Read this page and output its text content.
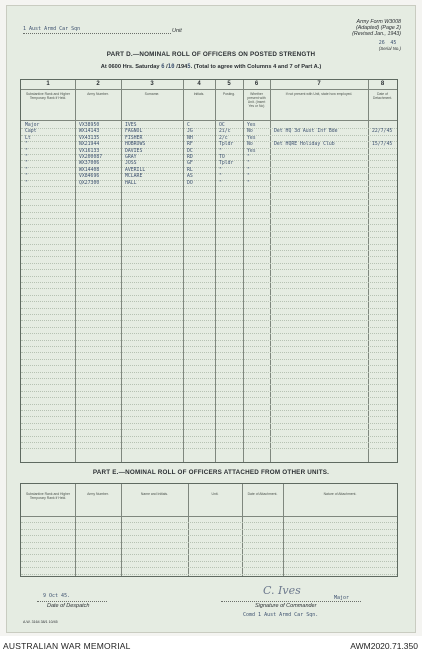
1 Aust Armd Car Sqn	Unit
Army Form W3008
(Adapted) (Page 2)
(Revised Jan., 1943)
26 45
(Serial No.)
PART D.—NOMINAL ROLL OF OFFICERS ON POSTED STRENGTH
At 0600 Hrs. Saturday 6 /10 /1945. (Total to agree with Columns 4 and 7 of Part A.)
1	2	3	4	5	6	7	8
Substantive Rank and Higher Temporary Rank if Held.
Army Number.	Surname.	Initials.	Posting.	Whether present with Unit. (Insert Yes or No)
If not present with Unit, state how employed.	Date of Detachment.
Major	VX38950	IVES	C	OC	Yes
Capt	WX14143	FAGNOL	JG	2i/c	No	Det HQ 3d Aust Inf Bde	22/7/45
Lt	VX43135	FISHER	NH	2/c	Yes
"	NX21944	HOBROWS	RF	Tpldr	No	Det HQRE Holiday Club	15/7/45
"	VX16133	DAVIES	DC	"	Yes
"	VX200087	GRAY	RD	TO	"
"	WX37006	JOSS	GF	Tpldr	"
"	WX14408	AVERILL	RL	"	"
"	VX84696	MCLARE	AS	"	"
"	QX27300	HALL	DO	"	"
PART E.—NOMINAL ROLL OF OFFICERS ATTACHED FROM OTHER UNITS.
Substantive Rank and Higher Temporary Rank if Held.
Army Number.	Name and Initials.	Unit.	Date of Attachment.	Nature of Attachment.
9 Oct 45.
Date of Despatch
C. Ives
Major
Signature of Commander
Comd 1 Aust Armd Car Sqn.
A.W. 3164 38/1 10/45
AUSTRALIAN WAR MEMORIAL	AWM2020.71.350
